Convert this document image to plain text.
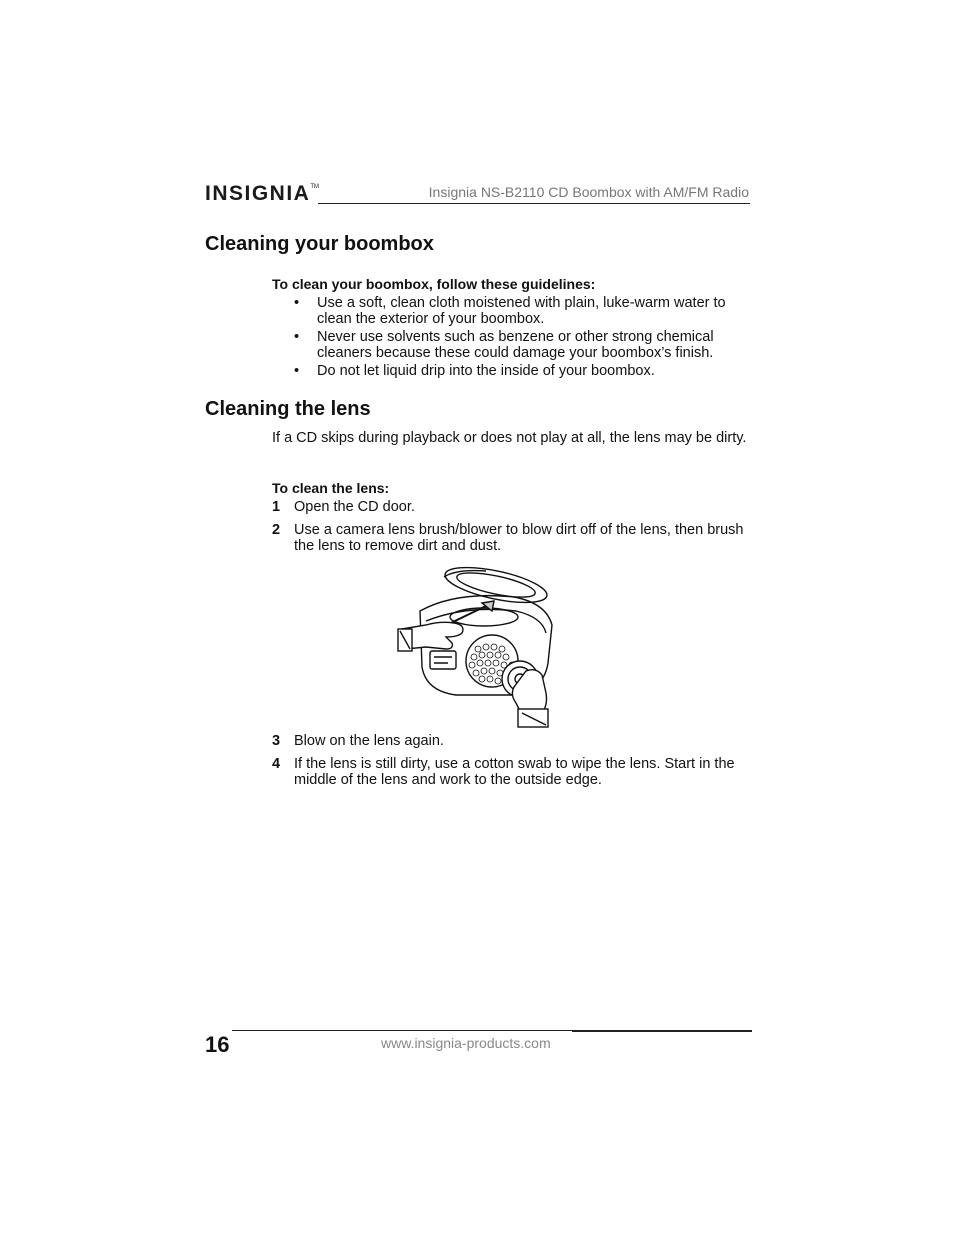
INSIGNIA™	Insignia NS-B2110 CD Boombox with AM/FM Radio
Cleaning your boombox
To clean your boombox, follow these guidelines:
• Use a soft, clean cloth moistened with plain, luke-warm water to clean the exterior of your boombox.
• Never use solvents such as benzene or other strong chemical cleaners because these could damage your boombox’s finish.
• Do not let liquid drip into the inside of your boombox.
Cleaning the lens
If a CD skips during playback or does not play at all, the lens may be dirty.
To clean the lens:
1 Open the CD door.
2 Use a camera lens brush/blower to blow dirt off of the lens, then brush the lens to remove dirt and dust.
3 Blow on the lens again.
4 If the lens is still dirty, use a cotton swab to wipe the lens. Start in the middle of the lens and work to the outside edge.
16	www.insignia-products.com
